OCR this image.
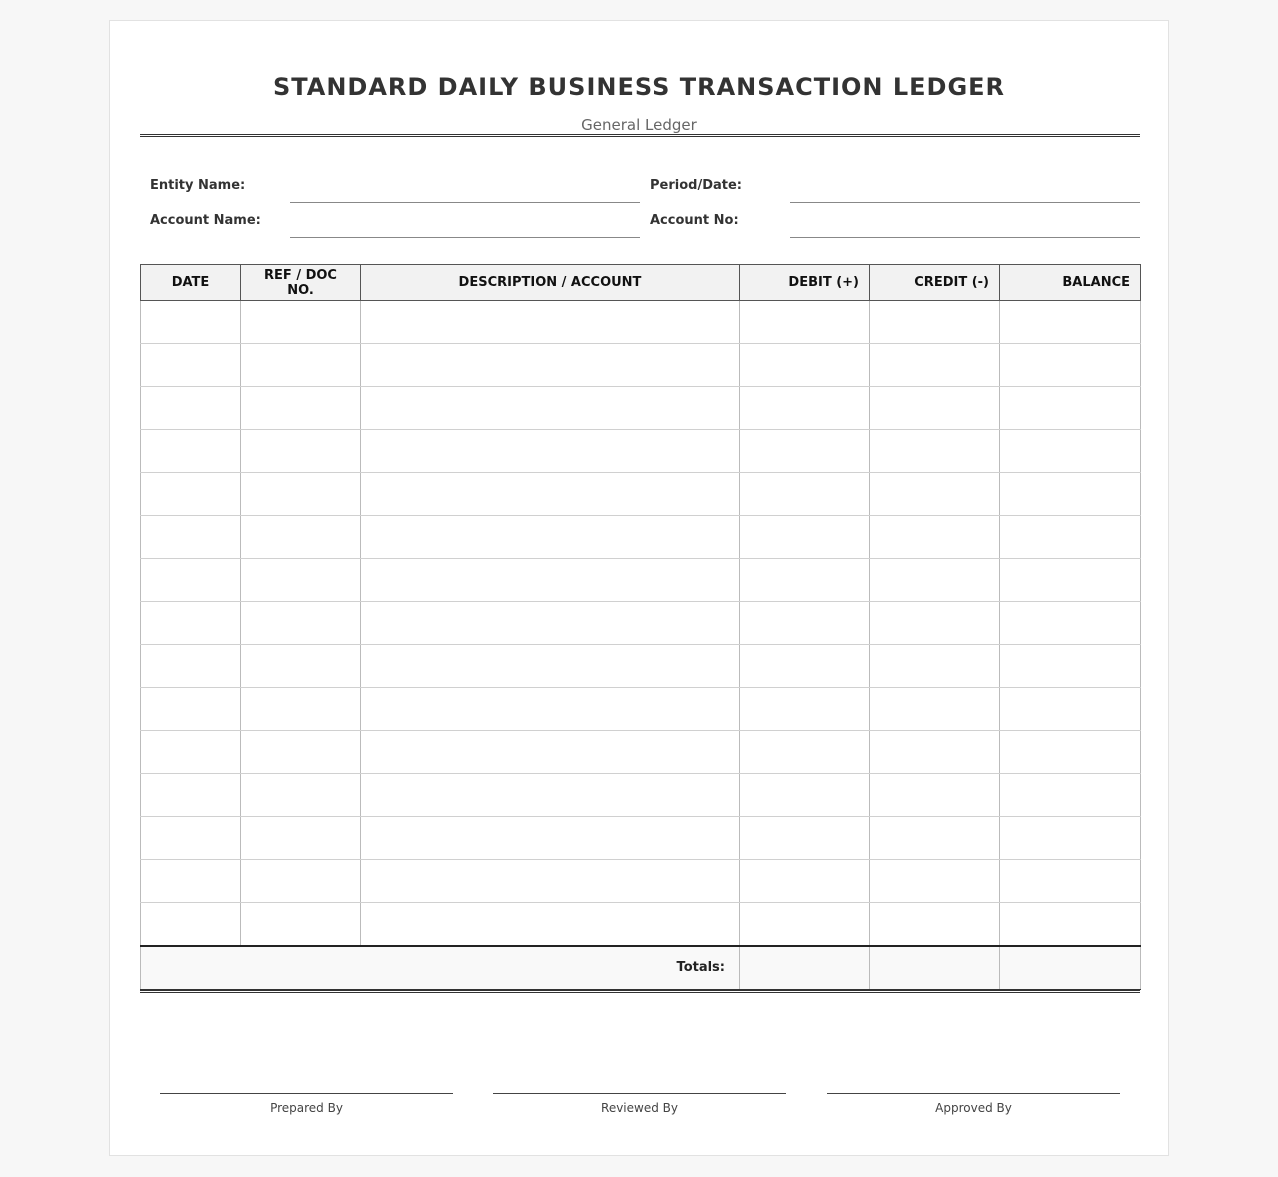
STANDARD DAILY BUSINESS TRANSACTION LEDGER
General Ledger
Entity Name:	Period/Date:
Account Name:	Account No:
DATE	REF / DOC NO.	DESCRIPTION / ACCOUNT	DEBIT (+)	CREDIT (-)	BALANCE

Totals:					
Prepared By	Reviewed By	Approved By
